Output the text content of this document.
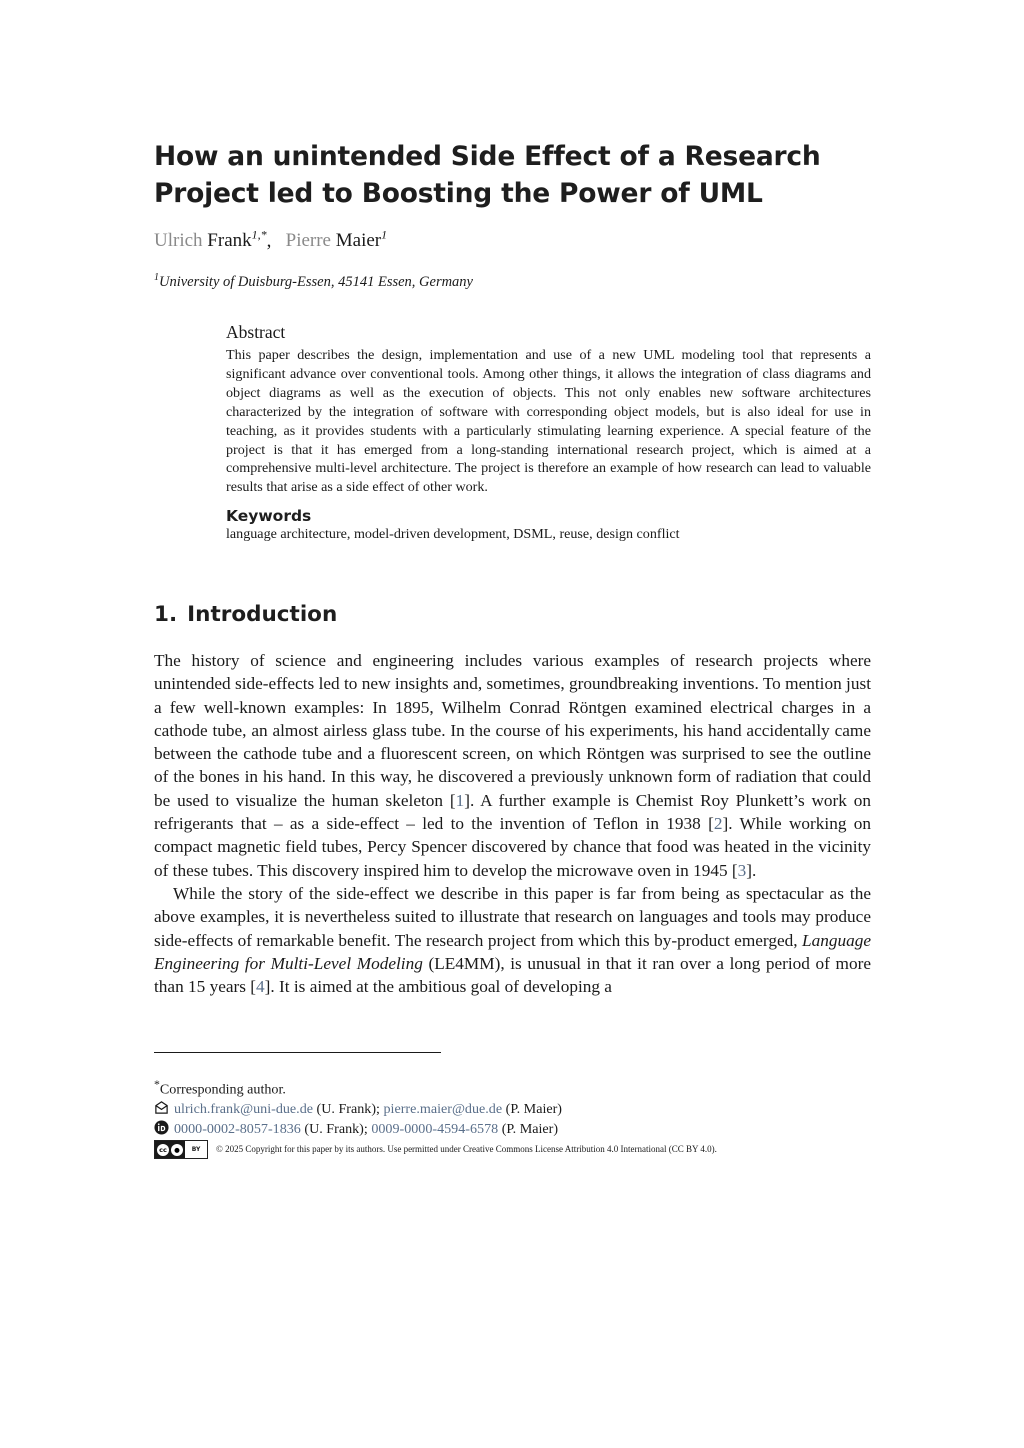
How an unintended Side Effect of a Research Project led to Boosting the Power of UML
Ulrich Frank$^{1,*}$, Pierre Maier$^1$
$^1$University of Duisburg-Essen, 45141 Essen, Germany
Abstract

This paper describes the design, implementation and use of a new UML modeling tool that represents a significant advance over conventional tools. Among other things, it allows the integration of class diagrams and object diagrams as well as the execution of objects. This not only enables new software architectures characterized by the integration of software with corresponding object models, but is also ideal for use in teaching, as it provides students with a particularly stimulating learning experience. A special feature of the project is that it has emerged from a long-standing international research project, which is aimed at a comprehensive multi-level architecture. The project is therefore an example of how research can lead to valuable results that arise as a side effect of other work.

Keywords

language architecture, model-driven development, DSML, reuse, design conflict

1. Introduction

The history of science and engineering includes various examples of research projects where unintended side-effects led to new insights and, sometimes, groundbreaking inventions. To mention just a few well-known examples: In 1895, Wilhelm Conrad Röntgen examined electrical charges in a cathode tube, an almost airless glass tube. In the course of his experiments, his hand accidentally came between the cathode tube and a fluorescent screen, on which Röntgen was surprised to see the outline of the bones in his hand. In this way, he discovered a previously unknown form of radiation that could be used to visualize the human skeleton [1]. A further example is Chemist Roy Plunkett’s work on refrigerants that – as a side-effect – led to the invention of Teflon in 1938 [2]. While working on compact magnetic field tubes, Percy Spencer discovered by chance that food was heated in the vicinity of these tubes. This discovery inspired him to develop the microwave oven in 1945 [3].

While the story of the side-effect we describe in this paper is far from being as spectacular as the above examples, it is nevertheless suited to illustrate that research on languages and tools may produce side-effects of remarkable benefit. The research project from which this by-product emerged, Language Engineering for Multi-Level Modeling (LE4MM), is unusual in that it ran over a long period of more than 15 years [4]. It is aimed at the ambitious goal of developing a

*Corresponding author.
ulrich.frank@uni-due.de (U. Frank); pierre.maier@due.de (P. Maier)
0000-0002-8057-1836 (U. Frank); 0009-0000-4594-6578 (P. Maier)
cc	●	BY	© 2025 Copyright for this paper by its authors. Use permitted under Creative Commons License Attribution 4.0 International (CC BY 4.0).
